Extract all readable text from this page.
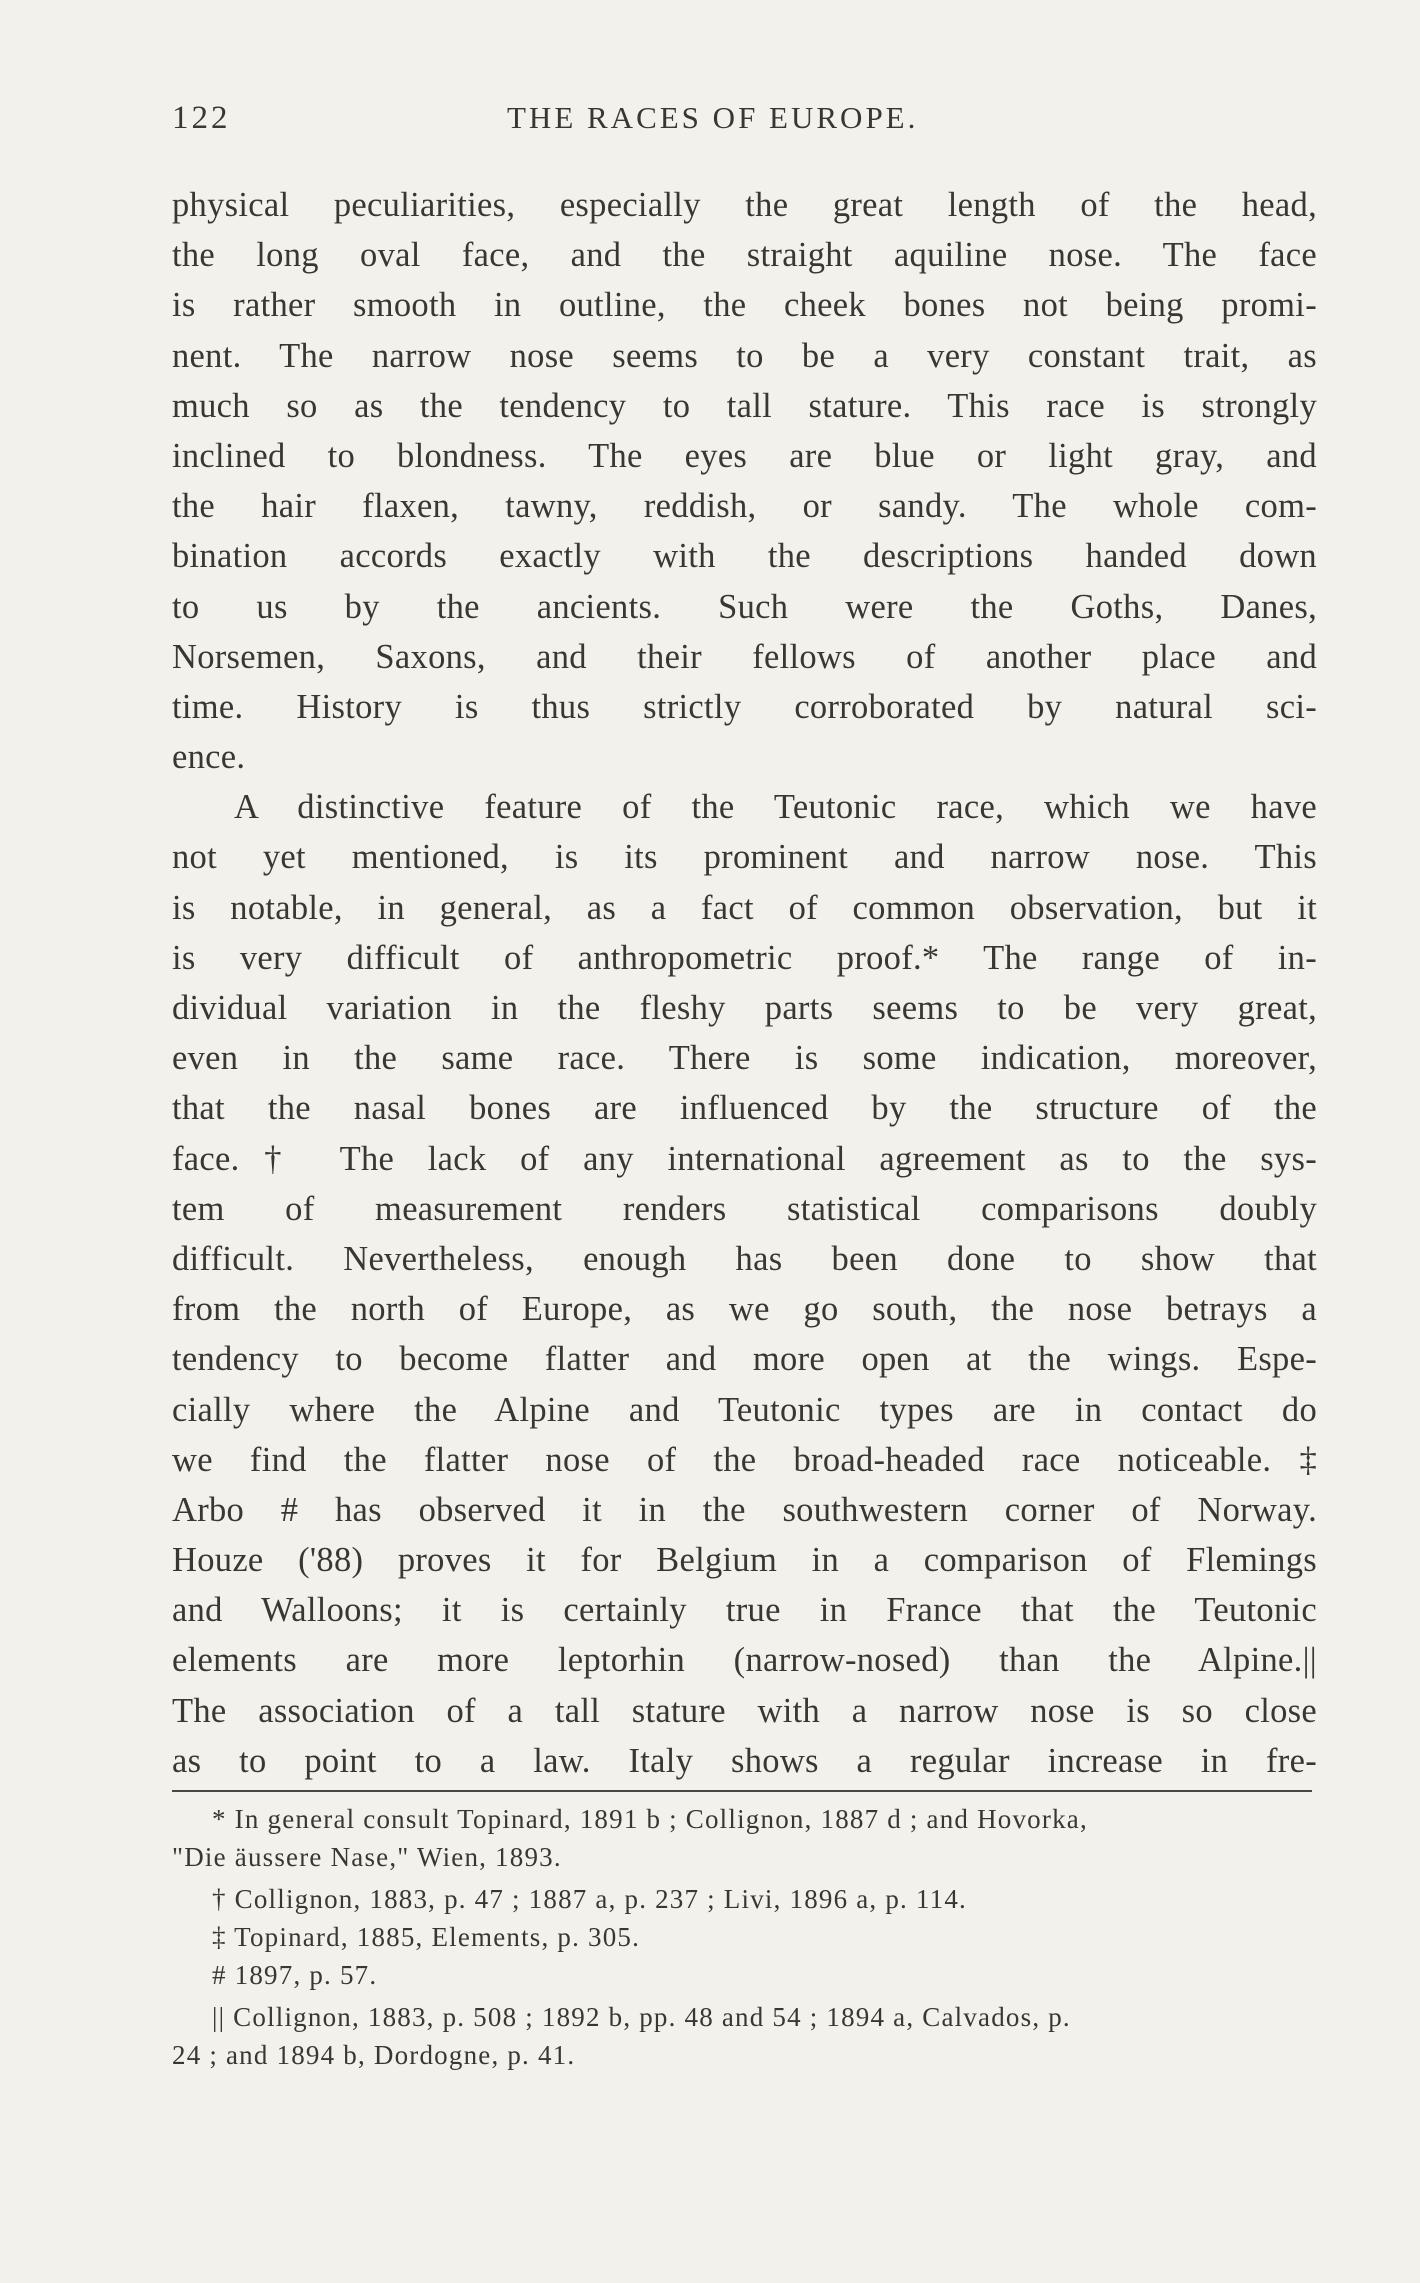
122	THE RACES OF EUROPE.
physical peculiarities, especially the great length of the head,
the long oval face, and the straight aquiline nose. The face
is rather smooth in outline, the cheek bones not being promi-
nent. The narrow nose seems to be a very constant trait, as
much so as the tendency to tall stature. This race is strongly
inclined to blondness. The eyes are blue or light gray, and
the hair flaxen, tawny, reddish, or sandy. The whole com-
bination accords exactly with the descriptions handed down
to us by the ancients. Such were the Goths, Danes,
Norsemen, Saxons, and their fellows of another place and
time. History is thus strictly corroborated by natural sci-
ence.
A distinctive feature of the Teutonic race, which we have
not yet mentioned, is its prominent and narrow nose. This
is notable, in general, as a fact of common observation, but it
is very difficult of anthropometric proof.* The range of in-
dividual variation in the fleshy parts seems to be very great,
even in the same race. There is some indication, moreover,
that the nasal bones are influenced by the structure of the
face.† The lack of any international agreement as to the sys-
tem of measurement renders statistical comparisons doubly
difficult. Nevertheless, enough has been done to show that
from the north of Europe, as we go south, the nose betrays a
tendency to become flatter and more open at the wings. Espe-
cially where the Alpine and Teutonic types are in contact do
we find the flatter nose of the broad-headed race noticeable.‡
Arbo # has observed it in the southwestern corner of Norway.
Houze ('88) proves it for Belgium in a comparison of Flemings
and Walloons; it is certainly true in France that the Teutonic
elements are more leptorhin (narrow-nosed) than the Alpine.||
The association of a tall stature with a narrow nose is so close
as to point to a law. Italy shows a regular increase in fre-
* In general consult Topinard, 1891 b ; Collignon, 1887 d ; and Hovorka,
"Die äussere Nase," Wien, 1893.
† Collignon, 1883, p. 47 ; 1887 a, p. 237 ; Livi, 1896 a, p. 114.
‡ Topinard, 1885, Elements, p. 305.
# 1897, p. 57.
|| Collignon, 1883, p. 508 ; 1892 b, pp. 48 and 54 ; 1894 a, Calvados, p.
24 ; and 1894 b, Dordogne, p. 41.
